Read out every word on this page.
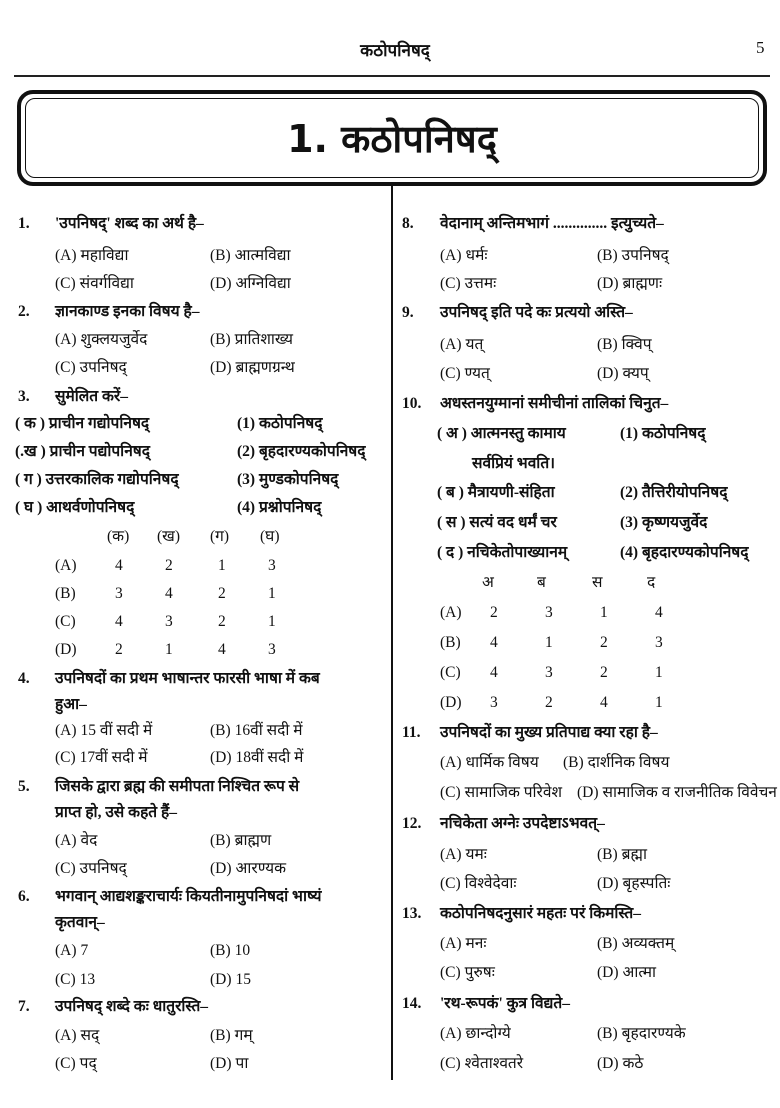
कठोपनिषद्	5
1. कठोपनिषद्
1. 'उपनिषद्' शब्द का अर्थ है–
(A) महाविद्या	(B) आत्मविद्या
(C) संवर्गविद्या	(D) अग्निविद्या
2. ज्ञानकाण्ड इनका विषय है–
(A) शुक्लयजुर्वेद	(B) प्रातिशाख्य
(C) उपनिषद्	(D) ब्राह्मणग्रन्थ
3. सुमेलित करें–
( क ) प्राचीन गद्योपनिषद्	(1) कठोपनिषद्
(.ख ) प्राचीन पद्योपनिषद्	(2) बृहदारण्यकोपनिषद्
( ग ) उत्तरकालिक गद्योपनिषद्	(3) मुण्डकोपनिषद्
( घ ) आथर्वणोपनिषद्	(4) प्रश्नोपनिषद्
(क) (ख) (ग) (घ)
(A) 4	2	1	3
(B)	3	4	2	1
(C)	4	3	2	1
(D) 2	1	4	3
4. उपनिषदों का प्रथम भाषान्तर फारसी भाषा में कब
हुआ–
(A) 15 वीं सदी में	(B) 16वीं सदी में
(C) 17वीं सदी में	(D) 18वीं सदी में
5. जिसके द्वारा ब्रह्म की समीपता निश्चित रूप से
प्राप्त हो, उसे कहते हैं–
(A) वेद	(B) ब्राह्मण
(C) उपनिषद्	(D) आरण्यक
6. भगवान् आद्यशङ्कराचार्यः कियतीनामुपनिषदां भाष्यं
कृतवान्–
(A) 7	(B) 10
(C) 13	(D) 15
7. उपनिषद् शब्दे कः धातुरस्ति–
(A) सद्	(B) गम्
(C) पद्	(D) पा
8. वेदानाम् अन्तिमभागं .............. इत्युच्यते–
(A) धर्मः	(B) उपनिषद्
(C) उत्तमः	(D) ब्राह्मणः
9. उपनिषद् इति पदे कः प्रत्ययो अस्ति–
(A) यत्	(B) क्विप्
(C) ण्यत्	(D) क्यप्
10. अधस्तनयुग्मानां समीचीनां तालिकां चिनुत–
( अ ) आत्मनस्तु कामाय	(1) कठोपनिषद्
सर्वप्रियं भवति।
( ब ) मैत्रायणी-संहिता	(2) तैत्तिरीयोपनिषद्
( स ) सत्यं वद धर्मं चर	(3) कृष्णयजुर्वेद
( द ) नचिकेतोपाख्यानम्	(4) बृहदारण्यकोपनिषद्
अ	ब	स	द
(A) 2	3	1	4
(B) 4	1	2	3
(C) 4	3	2	1
(D) 3	2	4	1
11. उपनिषदों का मुख्य प्रतिपाद्य क्या रहा है–
(A) धार्मिक विषय (B) दार्शनिक विषय
(C) सामाजिक परिवेश (D) सामाजिक व राजनीतिक विवेचन
12. नचिकेता अग्नेः उपदेष्टाऽभवत्–
(A) यमः	(B) ब्रह्मा
(C) विश्वेदेवाः	(D) बृहस्पतिः
13. कठोपनिषदनुसारं महतः परं किमस्ति–
(A) मनः	(B) अव्यक्तम्
(C) पुरुषः	(D) आत्मा
14. 'रथ-रूपकं' कुत्र विद्यते–
(A) छान्दोग्ये	(B) बृहदारण्यके
(C) श्वेताश्वतरे	(D) कठे
